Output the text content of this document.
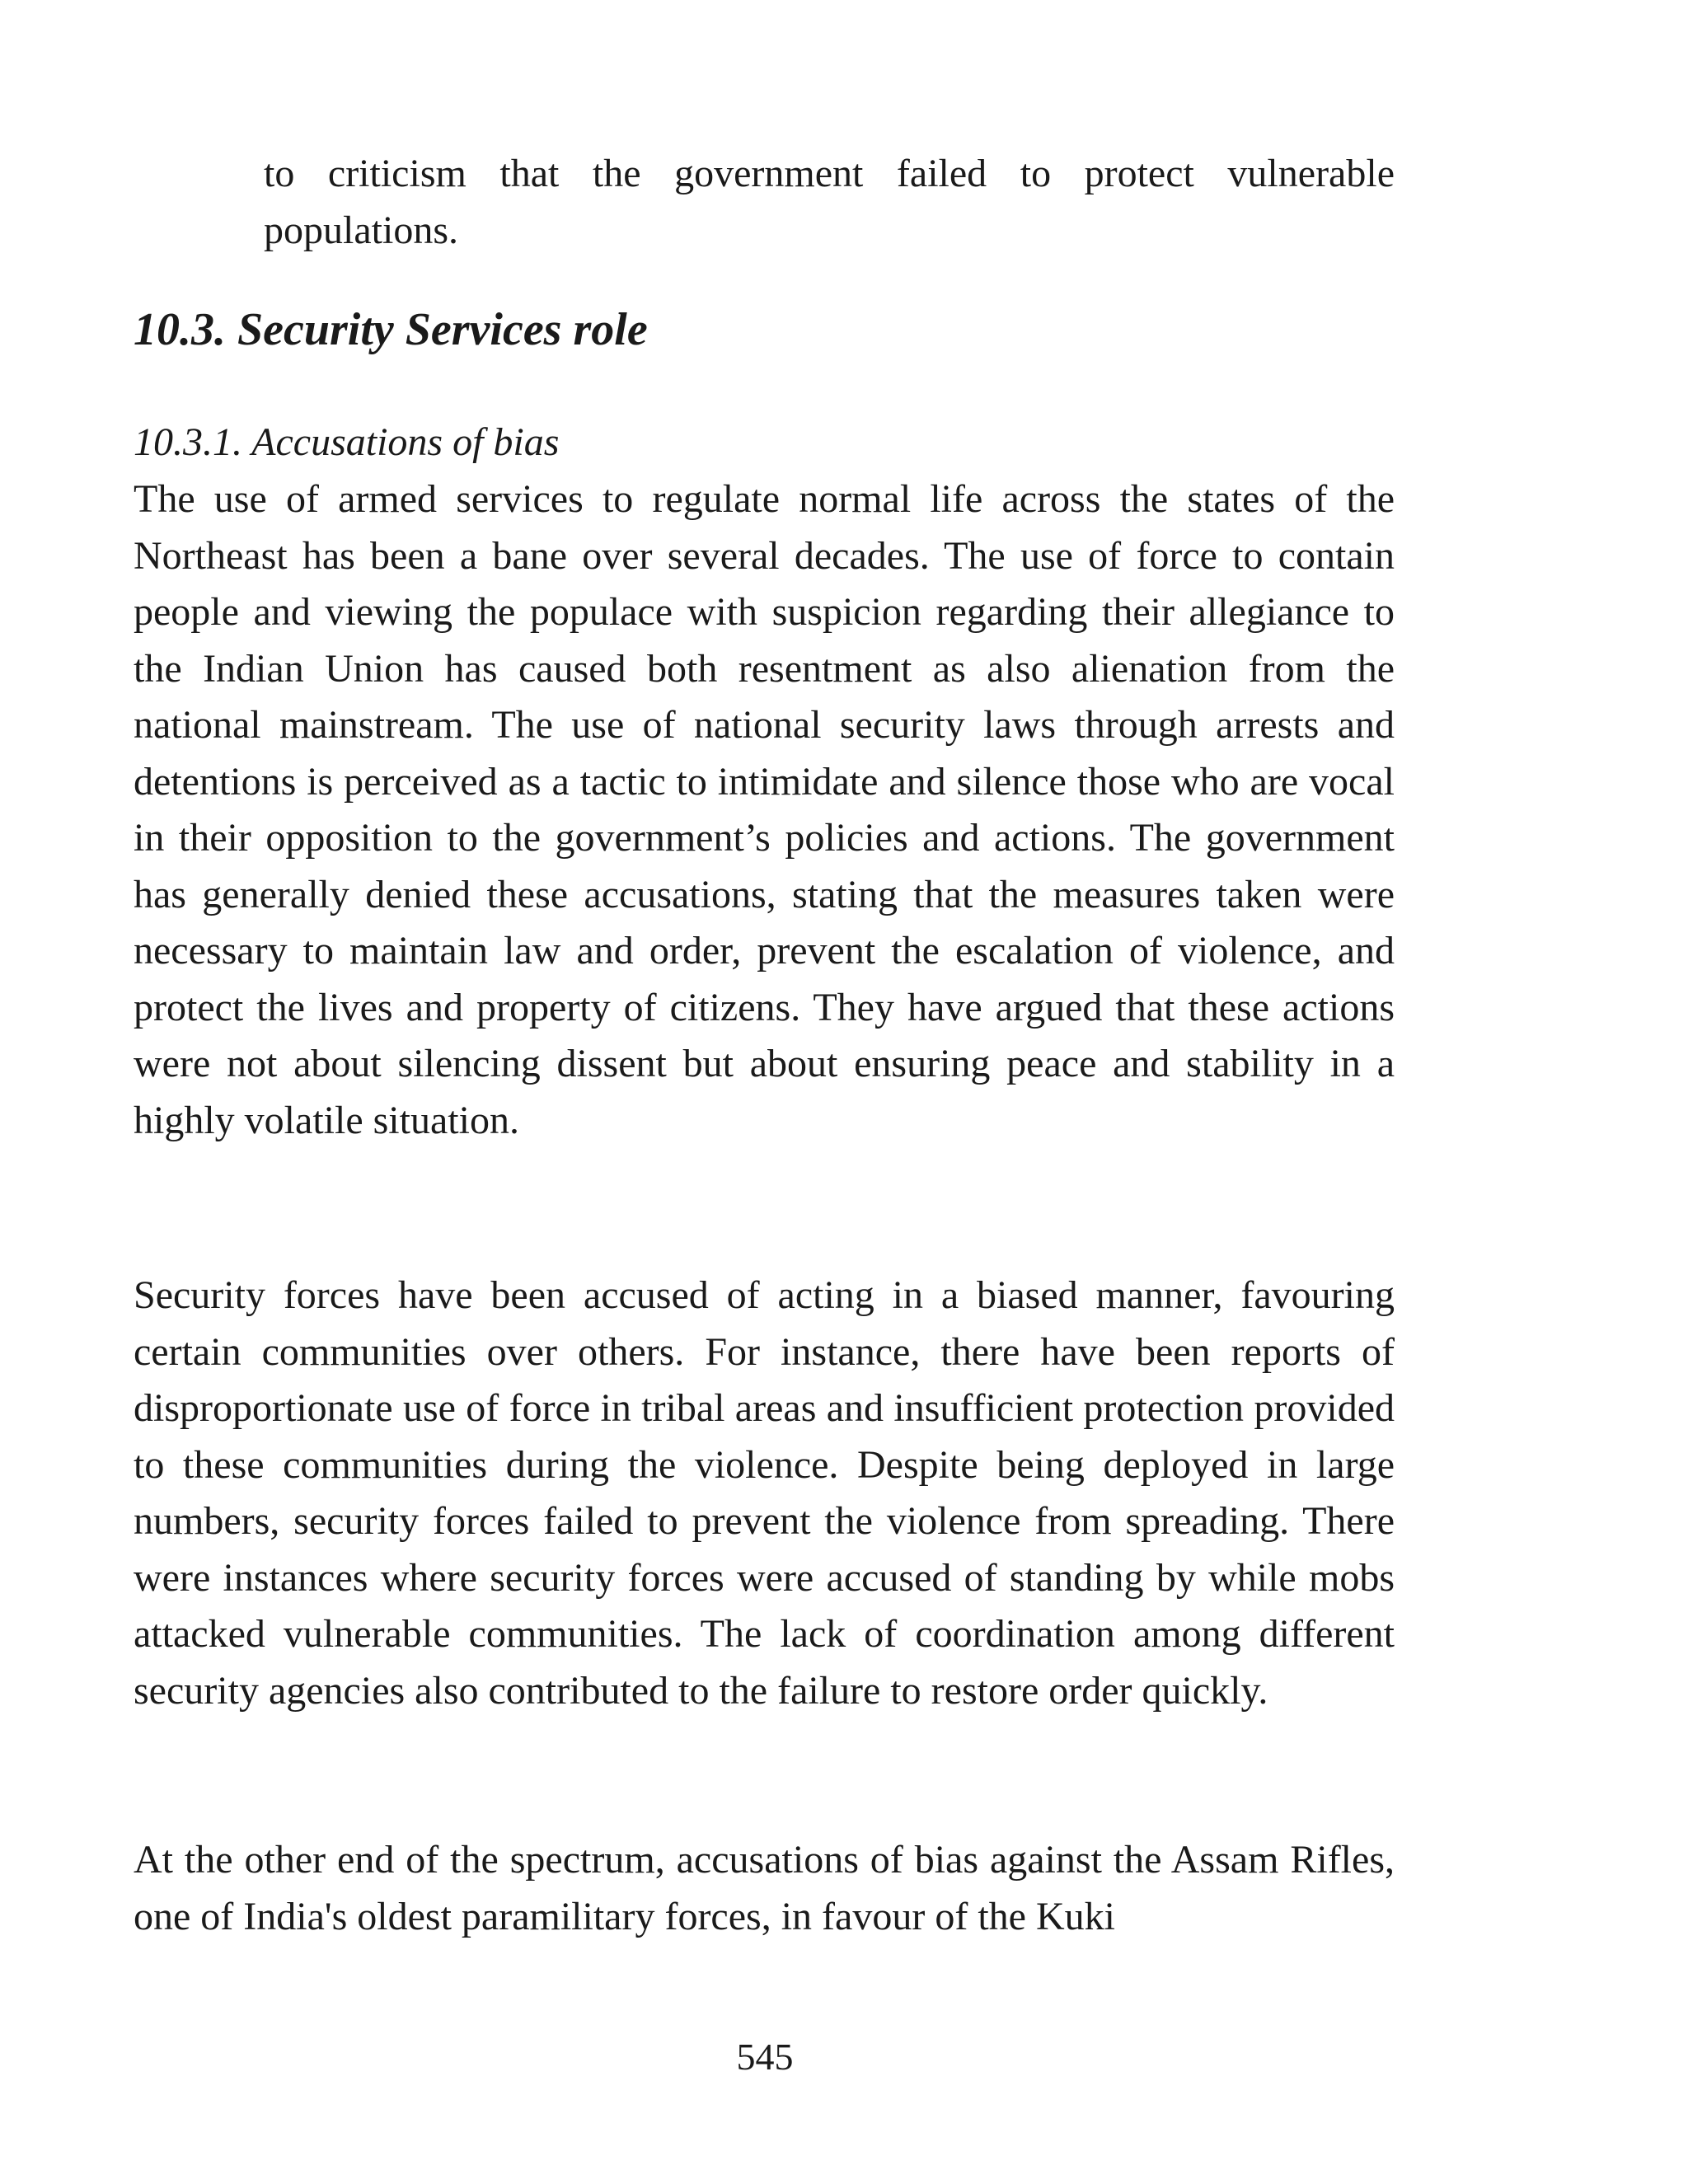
to criticism that the government failed to protect vulnerable populations.

10.3. Security Services role
10.3.1. Accusations of bias

The use of armed services to regulate normal life across the states of the Northeast has been a bane over several decades. The use of force to contain people and viewing the populace with suspicion regarding their allegiance to the Indian Union has caused both resentment as also alienation from the national mainstream. The use of national security laws through arrests and detentions is perceived as a tactic to intimidate and silence those who are vocal in their opposition to the government’s policies and actions. The government has generally denied these accusations, stating that the measures taken were necessary to maintain law and order, prevent the escalation of violence, and protect the lives and property of citizens. They have argued that these actions were not about silencing dissent but about ensuring peace and stability in a highly volatile situation.

Security forces have been accused of acting in a biased manner, favouring certain communities over others. For instance, there have been reports of disproportionate use of force in tribal areas and insufficient protection provided to these communities during the violence. Despite being deployed in large numbers, security forces failed to prevent the violence from spreading. There were instances where security forces were accused of standing by while mobs attacked vulnerable communities. The lack of coordination among different security agencies also contributed to the failure to restore order quickly.

At the other end of the spectrum, accusations of bias against the Assam Rifles, one of India's oldest paramilitary forces, in favour of the Kuki

545
